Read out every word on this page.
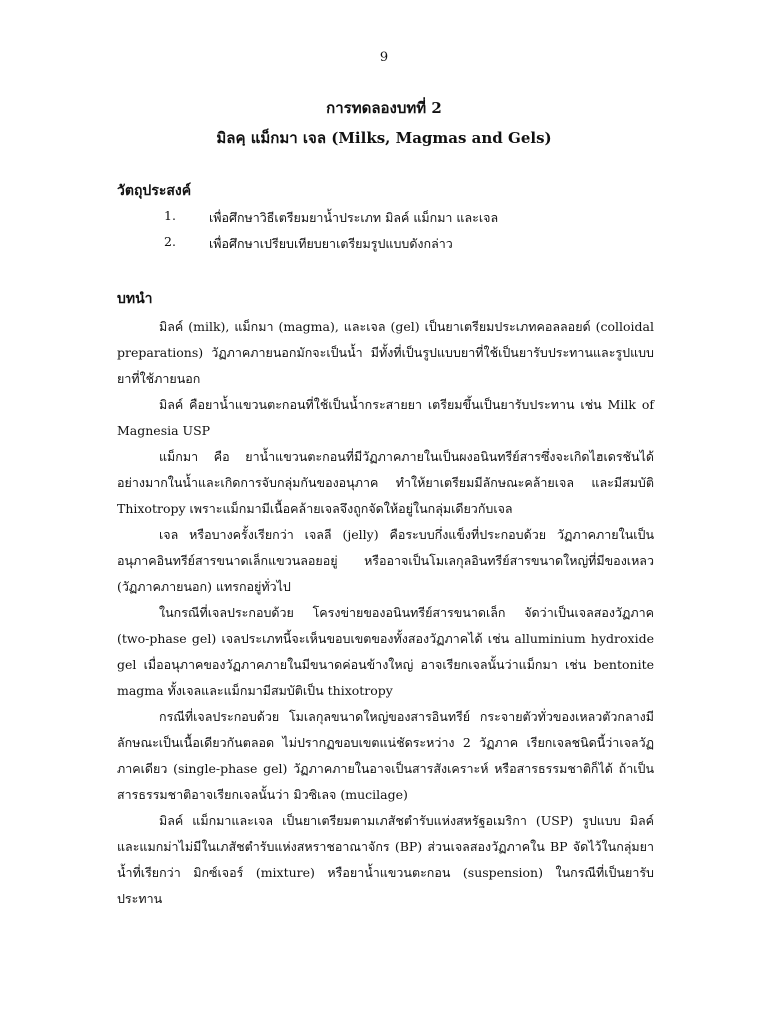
9
การทดลองบทที่ 2
มิลคฺ แม็กมา เจล (Milks, Magmas and Gels)
วัตถุประสงค์
1.	เพื่อศึกษาวิธีเตรียมยาน้ำประเภท มิลค์ แม็กมา และเจล
2.	เพื่อศึกษาเปรียบเทียบยาเตรียมรูปแบบดังกล่าว
บทนำ

มิลค์ (milk), แม็กมา (magma), และเจล (gel) เป็นยาเตรียมประเภทคอลลอยด์ (colloidal preparations) วัฏภาคภายนอกมักจะเป็นน้ำ มีทั้งที่เป็นรูปแบบยาที่ใช้เป็นยารับประทานและรูปแบบยาที่ใช้ภายนอก

มิลค์ คือยาน้ำแขวนตะกอนที่ใช้เป็นน้ำกระสายยา เตรียมขึ้นเป็นยารับประทาน เช่น Milk of Magnesia USP

แม็กมา คือ ยาน้ำแขวนตะกอนที่มีวัฏภาคภายในเป็นผงอนินทรีย์สารซึ่งจะเกิดไฮเดรชันได้อย่างมากในน้ำและเกิดการจับกลุ่มกันของอนุภาค ทำให้ยาเตรียมมีลักษณะคล้ายเจล และมีสมบัติ Thixotropy เพราะแม็กมามีเนื้อคล้ายเจลจึงถูกจัดให้อยู่ในกลุ่มเดียวกับเจล

เจล หรือบางครั้งเรียกว่า เจลลี (jelly) คือระบบกึ่งแข็งที่ประกอบด้วย วัฏภาคภายในเป็นอนุภาคอินทรีย์สารขนาดเล็กแขวนลอยอยู่ หรืออาจเป็นโมเลกุลอินทรีย์สารขนาดใหญ่ที่มีของเหลว (วัฏภาคภายนอก) แทรกอยู่ทั่วไป

ในกรณีที่เจลประกอบด้วย โครงข่ายของอนินทรีย์สารขนาดเล็ก จัดว่าเป็นเจลสองวัฏภาค (two-phase gel) เจลประเภทนี้จะเห็นขอบเขตของทั้งสองวัฏภาคได้ เช่น alluminium hydroxide gel เมื่ออนุภาคของวัฏภาคภายในมีขนาดค่อนข้างใหญ่ อาจเรียกเจลนั้นว่าแม็กมา เช่น bentonite magma ทั้งเจลและแม็กมามีสมบัติเป็น thixotropy

กรณีที่เจลประกอบด้วย โมเลกุลขนาดใหญ่ของสารอินทรีย์ กระจายตัวทั่วของเหลวตัวกลางมีลักษณะเป็นเนื้อเดียวกันตลอด ไม่ปรากฏขอบเขตแน่ชัดระหว่าง 2 วัฏภาค เรียกเจลชนิดนี้ว่าเจลวัฏภาคเดียว (single-phase gel) วัฏภาคภายในอาจเป็นสารสังเคราะห์ หรือสารธรรมชาติก็ได้ ถ้าเป็นสารธรรมชาติอาจเรียกเจลนั้นว่า มิวซิเลจ (mucilage)

มิลค์ แม็กมาและเจล เป็นยาเตรียมตามเภสัชตำรับแห่งสหรัฐอเมริกา (USP) รูปแบบ มิลค์ และแมกม่าไม่มีในเภสัชตำรับแห่งสหราชอาณาจักร (BP) ส่วนเจลสองวัฏภาคใน BP จัดไว้ในกลุ่มยาน้ำที่เรียกว่า มิกซ์เจอร์ (mixture) หรือยาน้ำแขวนตะกอน (suspension) ในกรณีที่เป็นยารับประทาน
